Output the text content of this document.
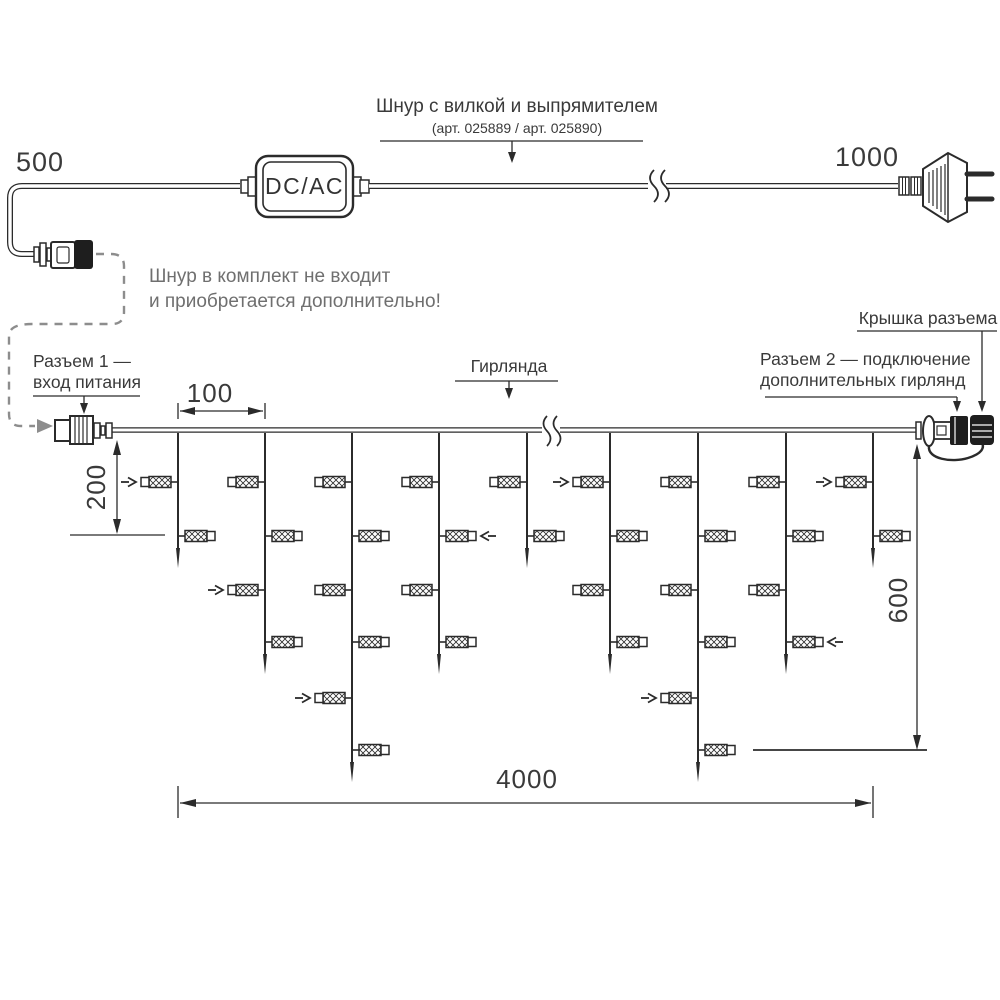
500	1000
DC/AC
Шнур с вилкой и выпрямителем
(арт. 025889 / арт. 025890)
Шнур в комплект не входит
и приобретается дополнительно!
Разъем 1 —
вход питания
Гирлянда
Крышка разъема
Разъем 2 — подключение
дополнительных гирлянд
100
4000
200
600
